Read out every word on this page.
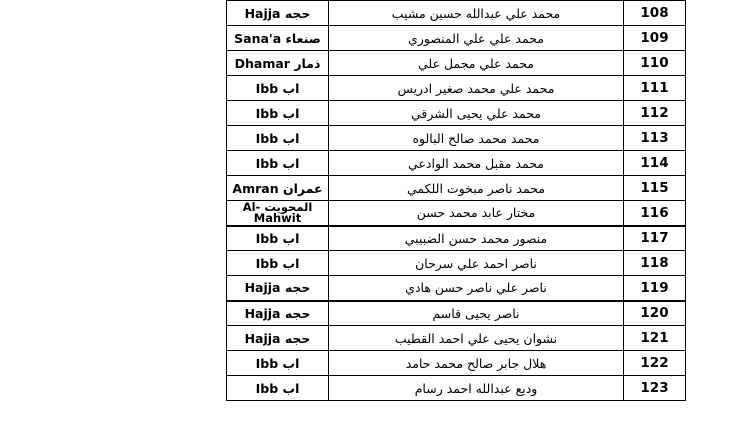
حجه Hajja	محمد علي عبدالله حسين مشيب	108
صنعاء Sana'a	محمد علي علي المنصوري	109
ذمار Dhamar	محمد علي مجمل علي	110
اب Ibb	محمد علي محمد صغير ادريس	111
اب Ibb	محمد علي يحيى الشرقي	112
اب Ibb	محمد محمد صالح البالوه	113
اب Ibb	محمد مقبل محمد الوادعي	114
عمران Amran	محمد ناصر مبخوت اللكمي	115
المحويت Al-Mahwit	مختار عابد محمد حسن	116
اب Ibb	منصور محمد حسن الضبيبي	117
اب Ibb	ناصر احمد علي سرحان	118
حجه Hajja	ناصر علي ناصر حسن هادي	119
حجه Hajja	ناصر يحيى قاسم	120
حجه Hajja	نشوان يحيى علي احمد القطيب	121
اب Ibb	هلال جابر صالح محمد حامد	122
اب Ibb	وديع عبدالله احمد رسام	123
